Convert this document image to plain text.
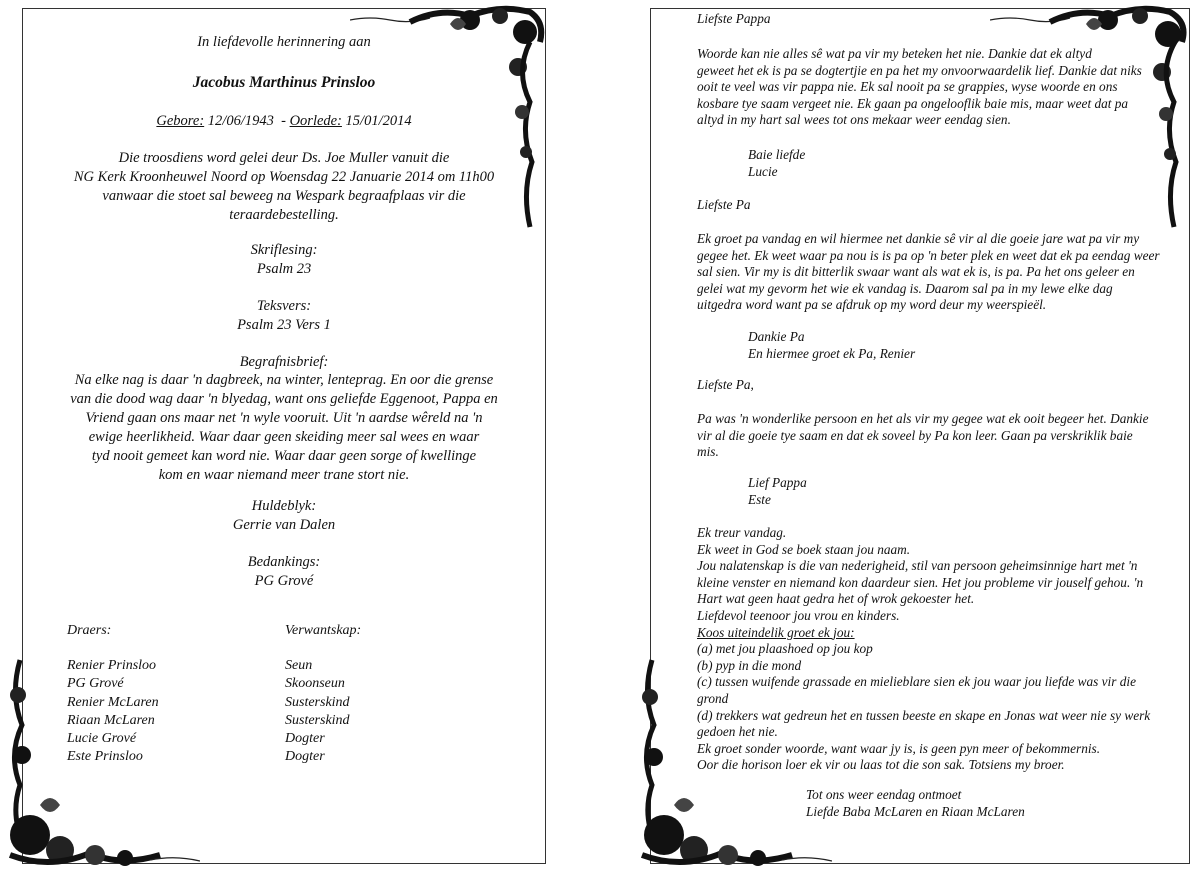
In liefdevolle herinnering aan
Jacobus Marthinus Prinsloo
Gebore: 12/06/1943 - Oorlede: 15/01/2014
Die troosdiens word gelei deur Ds. Joe Muller vanuit die
NG Kerk Kroonheuwel Noord op Woensdag 22 Januarie 2014 om 11h00
vanwaar die stoet sal beweeg na Wespark begraafplaas vir die
teraardebestelling.
Skriflesing:
Psalm 23
Teksvers:
Psalm 23 Vers 1
Begrafnisbrief:
Na elke nag is daar 'n dagbreek, na winter, lenteprag. En oor die grense
van die dood wag daar 'n blyedag, want ons geliefde Eggenoot, Pappa en
Vriend gaan ons maar net 'n wyle vooruit. Uit 'n aardse wêreld na 'n
ewige heerlikheid. Waar daar geen skeiding meer sal wees en waar
tyd nooit gemeet kan word nie. Waar daar geen sorge of kwellinge
kom en waar niemand meer trane stort nie.
Huldeblyk:
Gerrie van Dalen
Bedankings:
PG Grové
Draers:	Verwantskap:
Renier Prinsloo
PG Grové
Renier McLaren
Riaan McLaren
Lucie Grové
Este Prinsloo
Seun
Skoonseun
Susterskind
Susterskind
Dogter
Dogter
Liefste Pappa
Woorde kan nie alles sê wat pa vir my beteken het nie. Dankie dat ek altyd
geweet het ek is pa se dogtertjie en pa het my onvoorwaardelik lief. Dankie dat niks
ooit te veel was vir pappa nie. Ek sal nooit pa se grappies, wyse woorde en ons
kosbare tye saam vergeet nie. Ek gaan pa ongelooflik baie mis, maar weet dat pa
altyd in my hart sal wees tot ons mekaar weer eendag sien.
Baie liefde
Lucie
Liefste Pa
Ek groet pa vandag en wil hiermee net dankie sê vir al die goeie jare wat pa vir my
gegee het. Ek weet waar pa nou is is pa op 'n beter plek en weet dat ek pa eendag weer
sal sien. Vir my is dit bitterlik swaar want als wat ek is, is pa. Pa het ons geleer en
gelei wat my gevorm het wie ek vandag is. Daarom sal pa in my lewe elke dag
uitgedra word want pa se afdruk op my word deur my weerspieël.
Dankie Pa
En hiermee groet ek Pa, Renier
Liefste Pa,
Pa was 'n wonderlike persoon en het als vir my gegee wat ek ooit begeer het. Dankie
vir al die goeie tye saam en dat ek soveel by Pa kon leer. Gaan pa verskriklik baie
mis.
Lief Pappa
Este
Ek treur vandag.
Ek weet in God se boek staan jou naam.
Jou nalatenskap is die van nederigheid, stil van persoon geheimsinnige hart met 'n
kleine venster en niemand kon daardeur sien. Het jou probleme vir jouself gehou. 'n
Hart wat geen haat gedra het of wrok gekoester het.
Liefdevol teenoor jou vrou en kinders.
Koos uiteindelik groet ek jou:
(a) met jou plaashoed op jou kop
(b) pyp in die mond
(c) tussen wuifende grassade en mielieblare sien ek jou waar jou liefde was vir die
grond
(d) trekkers wat gedreun het en tussen beeste en skape en Jonas wat weer nie sy werk
gedoen het nie.
Ek groet sonder woorde, want waar jy is, is geen pyn meer of bekommernis.
Oor die horison loer ek vir ou laas tot die son sak. Totsiens my broer.
Tot ons weer eendag ontmoet
Liefde Baba McLaren en Riaan McLaren
